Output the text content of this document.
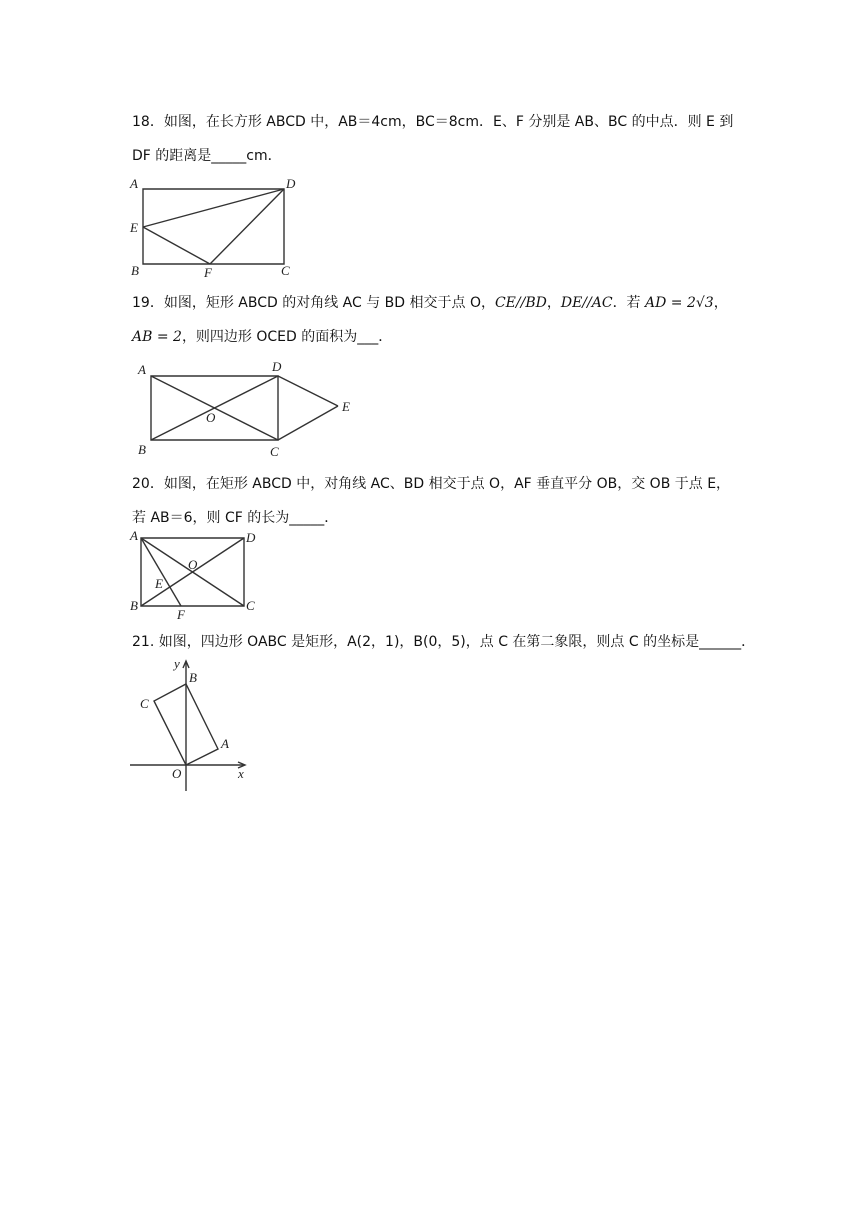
18．如图，在长方形 ABCD 中，AB＝4cm，BC＝8cm．E、F 分别是 AB、BC 的中点．则 E 到
DF 的距离是_____cm．
A	D
E
B	F	C
19．如图，矩形 ABCD 的对角线 AC 与 BD 相交于点 O，CE//BD，DE//AC．若 AD = 2√3，
AB = 2，则四边形 OCED 的面积为___．
A	D
E
O
B	C
20．如图，在矩形 ABCD 中，对角线 AC、BD 相交于点 O，AF 垂直平分 OB，交 OB 于点 E，
若 AB＝6，则 CF 的长为_____．
A	D
O
E
B
F
C
21. 如图，四边形 OABC 是矩形，A(2，1)，B(0，5)，点 C 在第二象限，则点 C 的坐标是______．
y
B
C
A
O	x
